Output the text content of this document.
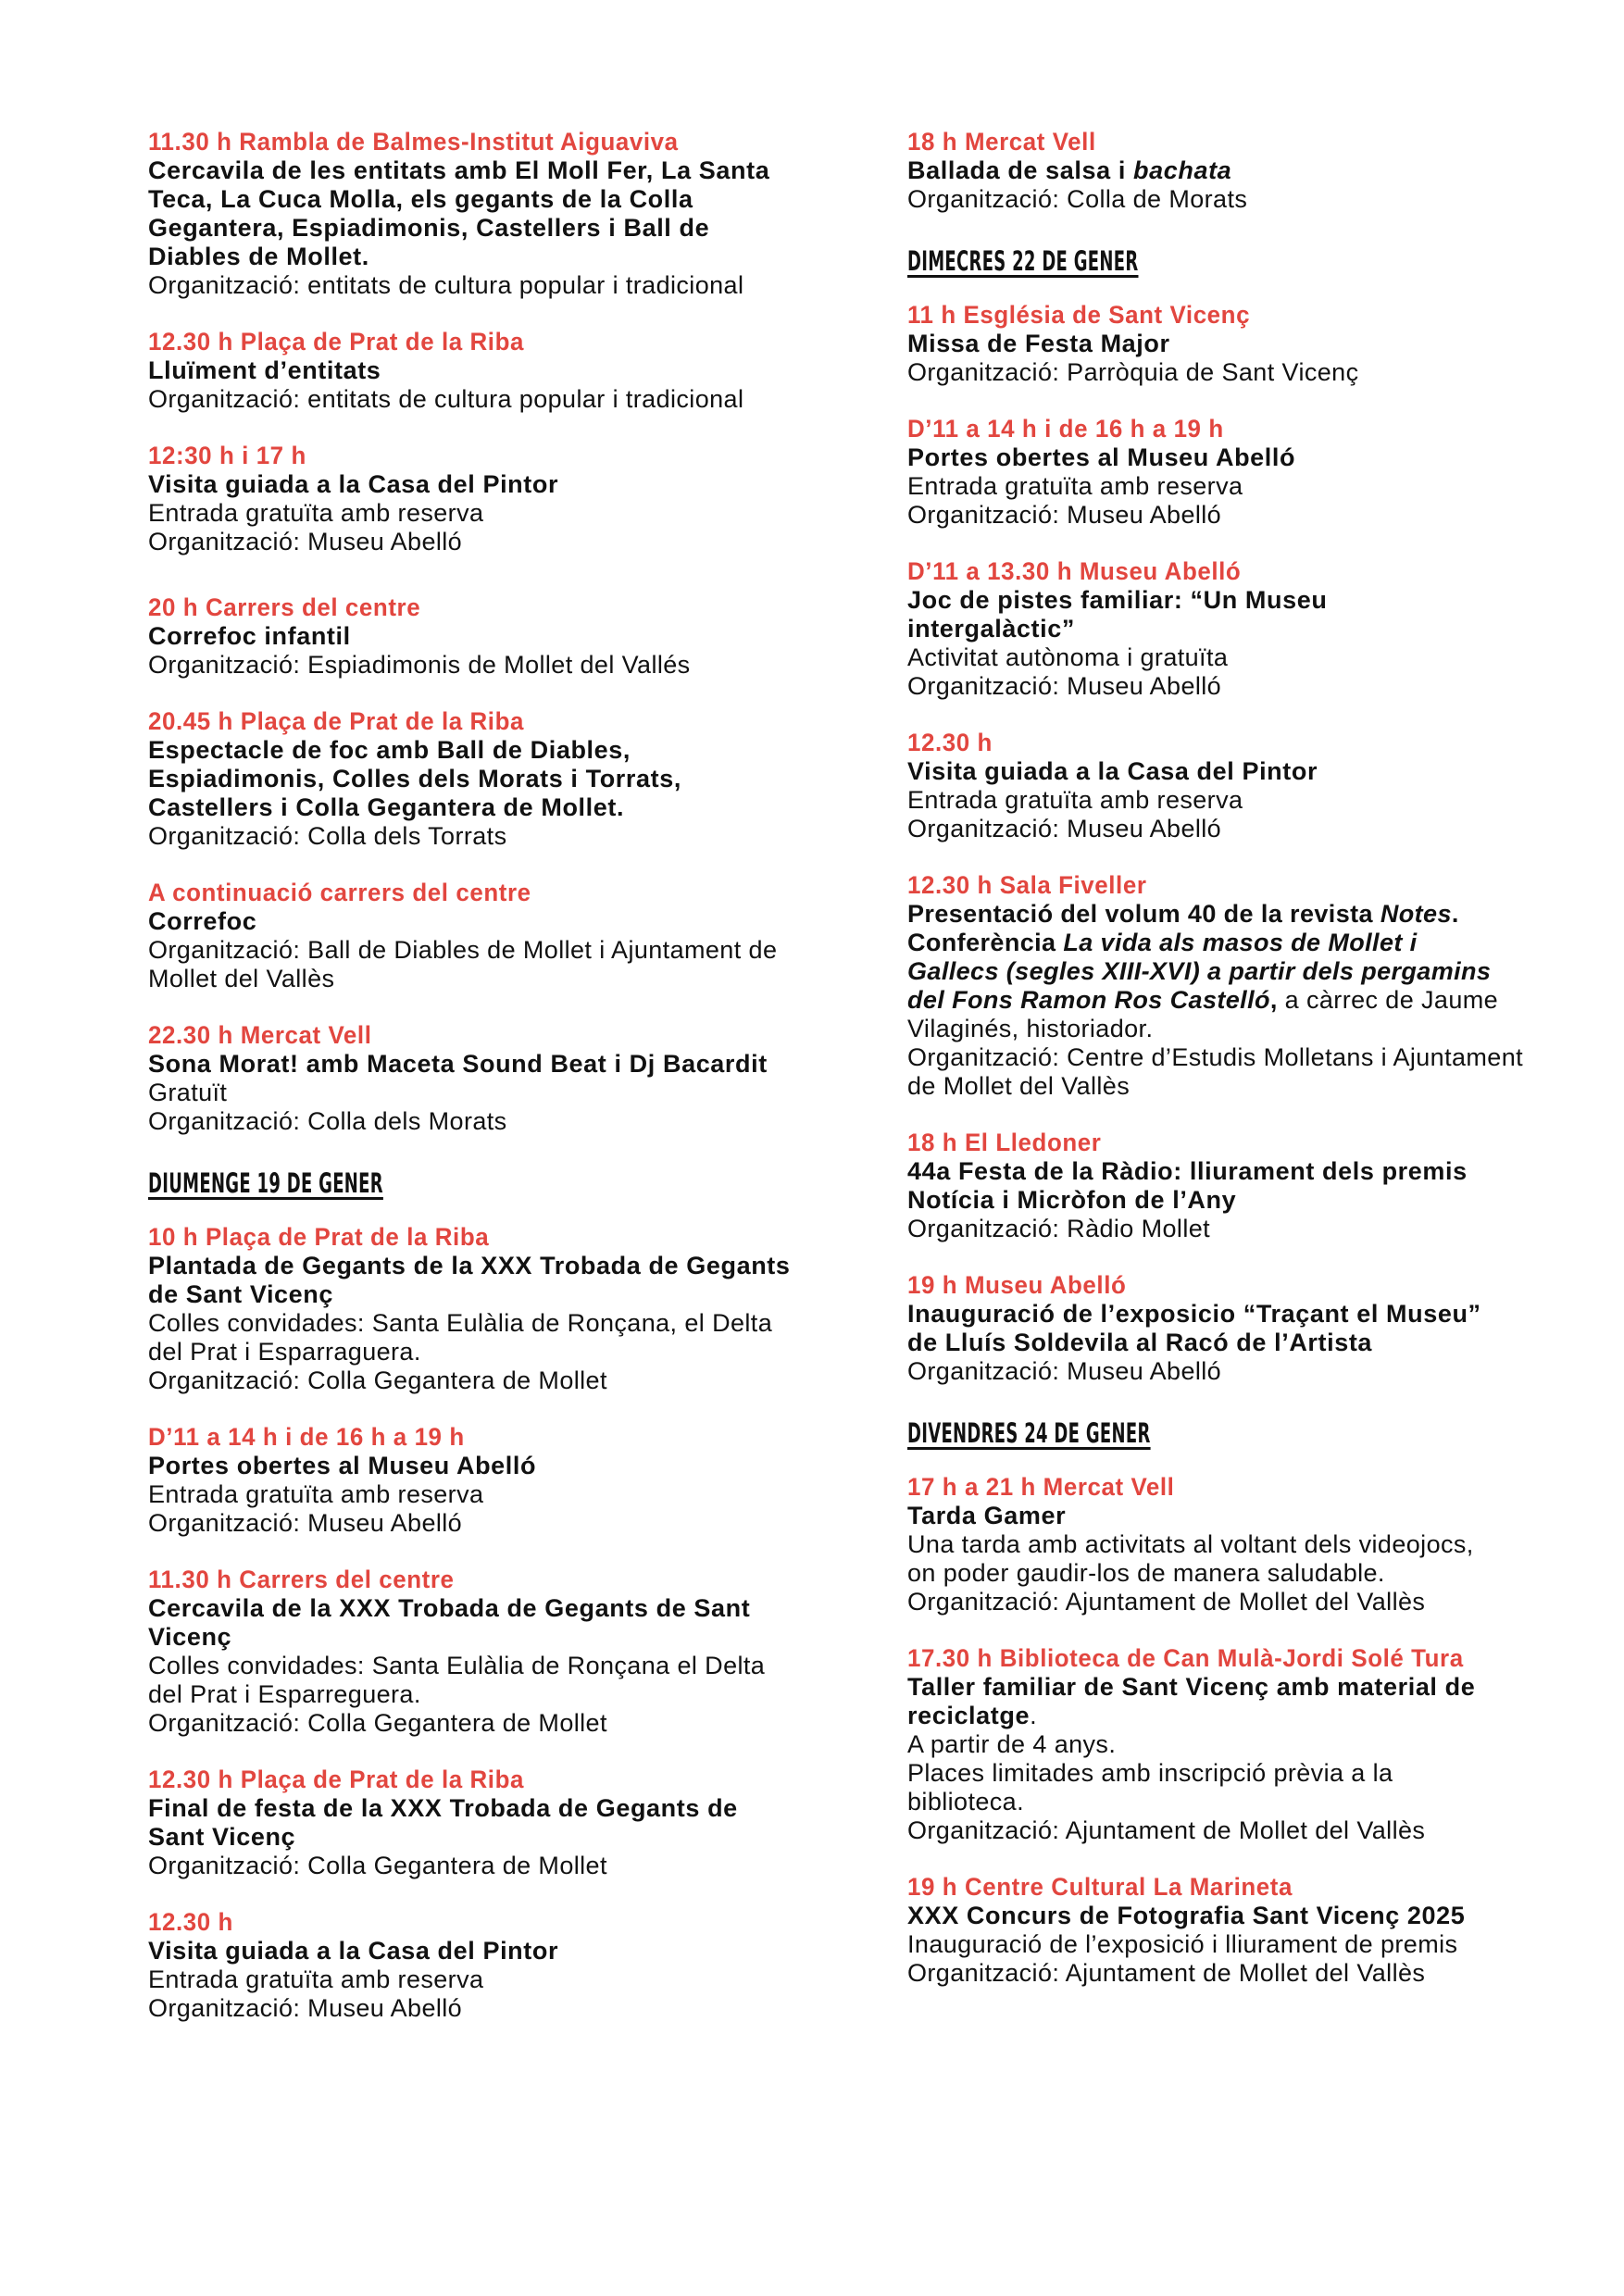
11.30 h Rambla de Balmes-Institut Aiguaviva
Cercavila de les entitats amb El Moll Fer, La Santa Teca, La Cuca Molla, els gegants de la Colla Gegantera, Espiadimonis, Castellers i Ball de Diables de Mollet.
Organització: entitats de cultura popular i tradicional
12.30 h Plaça de Prat de la Riba
Lluïment d’entitats
Organització: entitats de cultura popular i tradicional
12:30 h i 17 h
Visita guiada a la Casa del Pintor
Entrada gratuïta amb reserva
Organització: Museu Abelló
20 h Carrers del centre
Correfoc infantil
Organització: Espiadimonis de Mollet del Vallés
20.45 h Plaça de Prat de la Riba
Espectacle de foc amb Ball de Diables, Espiadimonis, Colles dels Morats i Torrats, Castellers i Colla Gegantera de Mollet.
Organització: Colla dels Torrats
A continuació carrers del centre
Correfoc
Organització: Ball de Diables de Mollet i Ajuntament de Mollet del Vallès
22.30 h Mercat Vell
Sona Morat! amb Maceta Sound Beat i Dj Bacardit
Gratuït
Organització: Colla dels Morats
DIUMENGE 19 DE GENER
10 h Plaça de Prat de la Riba
Plantada de Gegants de la XXX Trobada de Gegants de Sant Vicenç
Colles convidades: Santa Eulàlia de Ronçana, el Delta del Prat i Esparraguera.
Organització: Colla Gegantera de Mollet
D’11 a 14 h i de 16 h a 19 h
Portes obertes al Museu Abelló
Entrada gratuïta amb reserva
Organització: Museu Abelló
11.30 h Carrers del centre
Cercavila de la XXX Trobada de Gegants de Sant Vicenç
Colles convidades: Santa Eulàlia de Ronçana el Delta del Prat i Esparreguera.
Organització: Colla Gegantera de Mollet
12.30 h Plaça de Prat de la Riba
Final de festa de la XXX Trobada de Gegants de Sant Vicenç
Organització: Colla Gegantera de Mollet
12.30 h
Visita guiada a la Casa del Pintor
Entrada gratuïta amb reserva
Organització: Museu Abelló
18 h Mercat Vell
Ballada de salsa i bachata
Organització: Colla de Morats
DIMECRES 22 DE GENER
11 h Església de Sant Vicenç
Missa de Festa Major
Organització: Parròquia de Sant Vicenç
D’11 a 14 h i de 16 h a 19 h
Portes obertes al Museu Abelló
Entrada gratuïta amb reserva
Organització: Museu Abelló
D’11 a 13.30 h Museu Abelló
Joc de pistes familiar: “Un Museu intergalàctic”
Activitat autònoma i gratuïta
Organització: Museu Abelló
12.30 h
Visita guiada a la Casa del Pintor
Entrada gratuïta amb reserva
Organització: Museu Abelló
12.30 h Sala Fiveller
Presentació del volum 40 de la revista Notes. Conferència La vida als masos de Mollet i Gallecs (segles XIII-XVI) a partir dels pergamins del Fons Ramon Ros Castelló, a càrrec de Jaume Vilaginés, historiador.
Organització: Centre d’Estudis Molletans i Ajuntament de Mollet del Vallès
18 h El Lledoner
44a Festa de la Ràdio: lliurament dels premis Notícia i Micròfon de l’Any
Organització: Ràdio Mollet
19 h Museu Abelló
Inauguració de l’exposicio “Traçant el Museu” de Lluís Soldevila al Racó de l’Artista
Organització: Museu Abelló
DIVENDRES 24 DE GENER
17 h a 21 h Mercat Vell
Tarda Gamer
Una tarda amb activitats al voltant dels videojocs, on poder gaudir-los de manera saludable.
Organització: Ajuntament de Mollet del Vallès
17.30 h Biblioteca de Can Mulà-Jordi Solé Tura
Taller familiar de Sant Vicenç amb material de reciclatge.
A partir de 4 anys.
Places limitades amb inscripció prèvia a la biblioteca.
Organització: Ajuntament de Mollet del Vallès
19 h Centre Cultural La Marineta
XXX Concurs de Fotografia Sant Vicenç 2025
Inauguració de l’exposició i lliurament de premis
Organització: Ajuntament de Mollet del Vallès
